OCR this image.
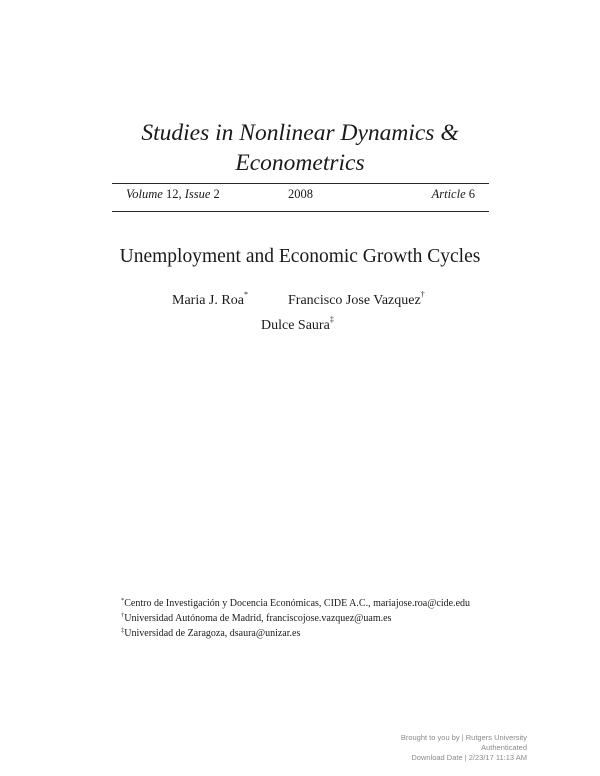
Studies in Nonlinear Dynamics &
Econometrics
Volume 12, Issue 2	2008	Article 6
Unemployment and Economic Growth Cycles
Maria J. Roa*	Francisco Jose Vazquez†
Dulce Saura‡
*Centro de Investigación y Docencia Económicas, CIDE A.C., mariajose.roa@cide.edu
†Universidad Autónoma de Madrid, franciscojose.vazquez@uam.es
‡Universidad de Zaragoza, dsaura@unizar.es
Brought to you by | Rutgers University
Authenticated
Download Date | 2/23/17 11:13 AM
